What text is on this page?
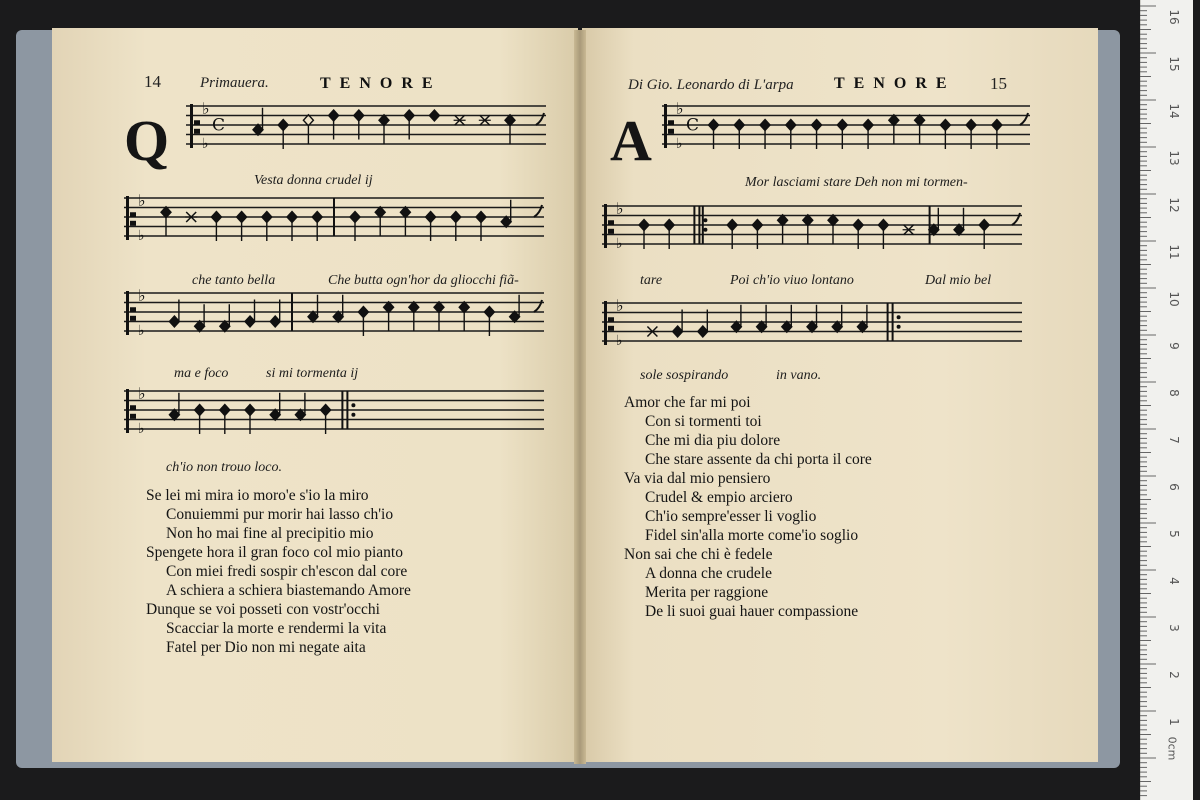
14	Primauera.	TENORE	Di Gio. Leonardo di L'arpa	TENORE 15
Q	A
♭
♭
C
♭
♭
♭
♭
♭
♭
♭
♭
C
♭
♭
♭
♭
Vesta donna crudel ij
che tanto bella	Che butta ogn'hor da gliocchi fiã-
ma e foco	si mi tormenta ij
ch'io non trouo loco.
Mor lasciami stare Deh non mi tormen-
tare	Poi ch'io viuo lontano	Dal mio bel
sole sospirando	in vano.
Se lei mi mira io moro'e s'io la miro
Conuiemmi pur morir hai lasso ch'io
Non ho mai fine al precipitio mio
Spengete hora il gran foco col mio pianto
Con miei fredi sospir ch'escon dal core
A schiera a schiera biastemando Amore
Dunque se voi posseti con vostr'occhi
Scacciar la morte e rendermi la vita
Fatel per Dio non mi negate aita
Amor che far mi poi
Con si tormenti toi
Che mi dia piu dolore
Che stare assente da chi porta il core
Va via dal mio pensiero
Crudel & empio arciero
Ch'io sempre'esser li voglio
Fidel sin'alla morte come'io soglio
Non sai che chi è fedele
A donna che crudele
Merita per raggione
De li suoi guai hauer compassione
16
15
14
13
12
11
10
9
8
7
6
5
4
3
2
1
0cm
